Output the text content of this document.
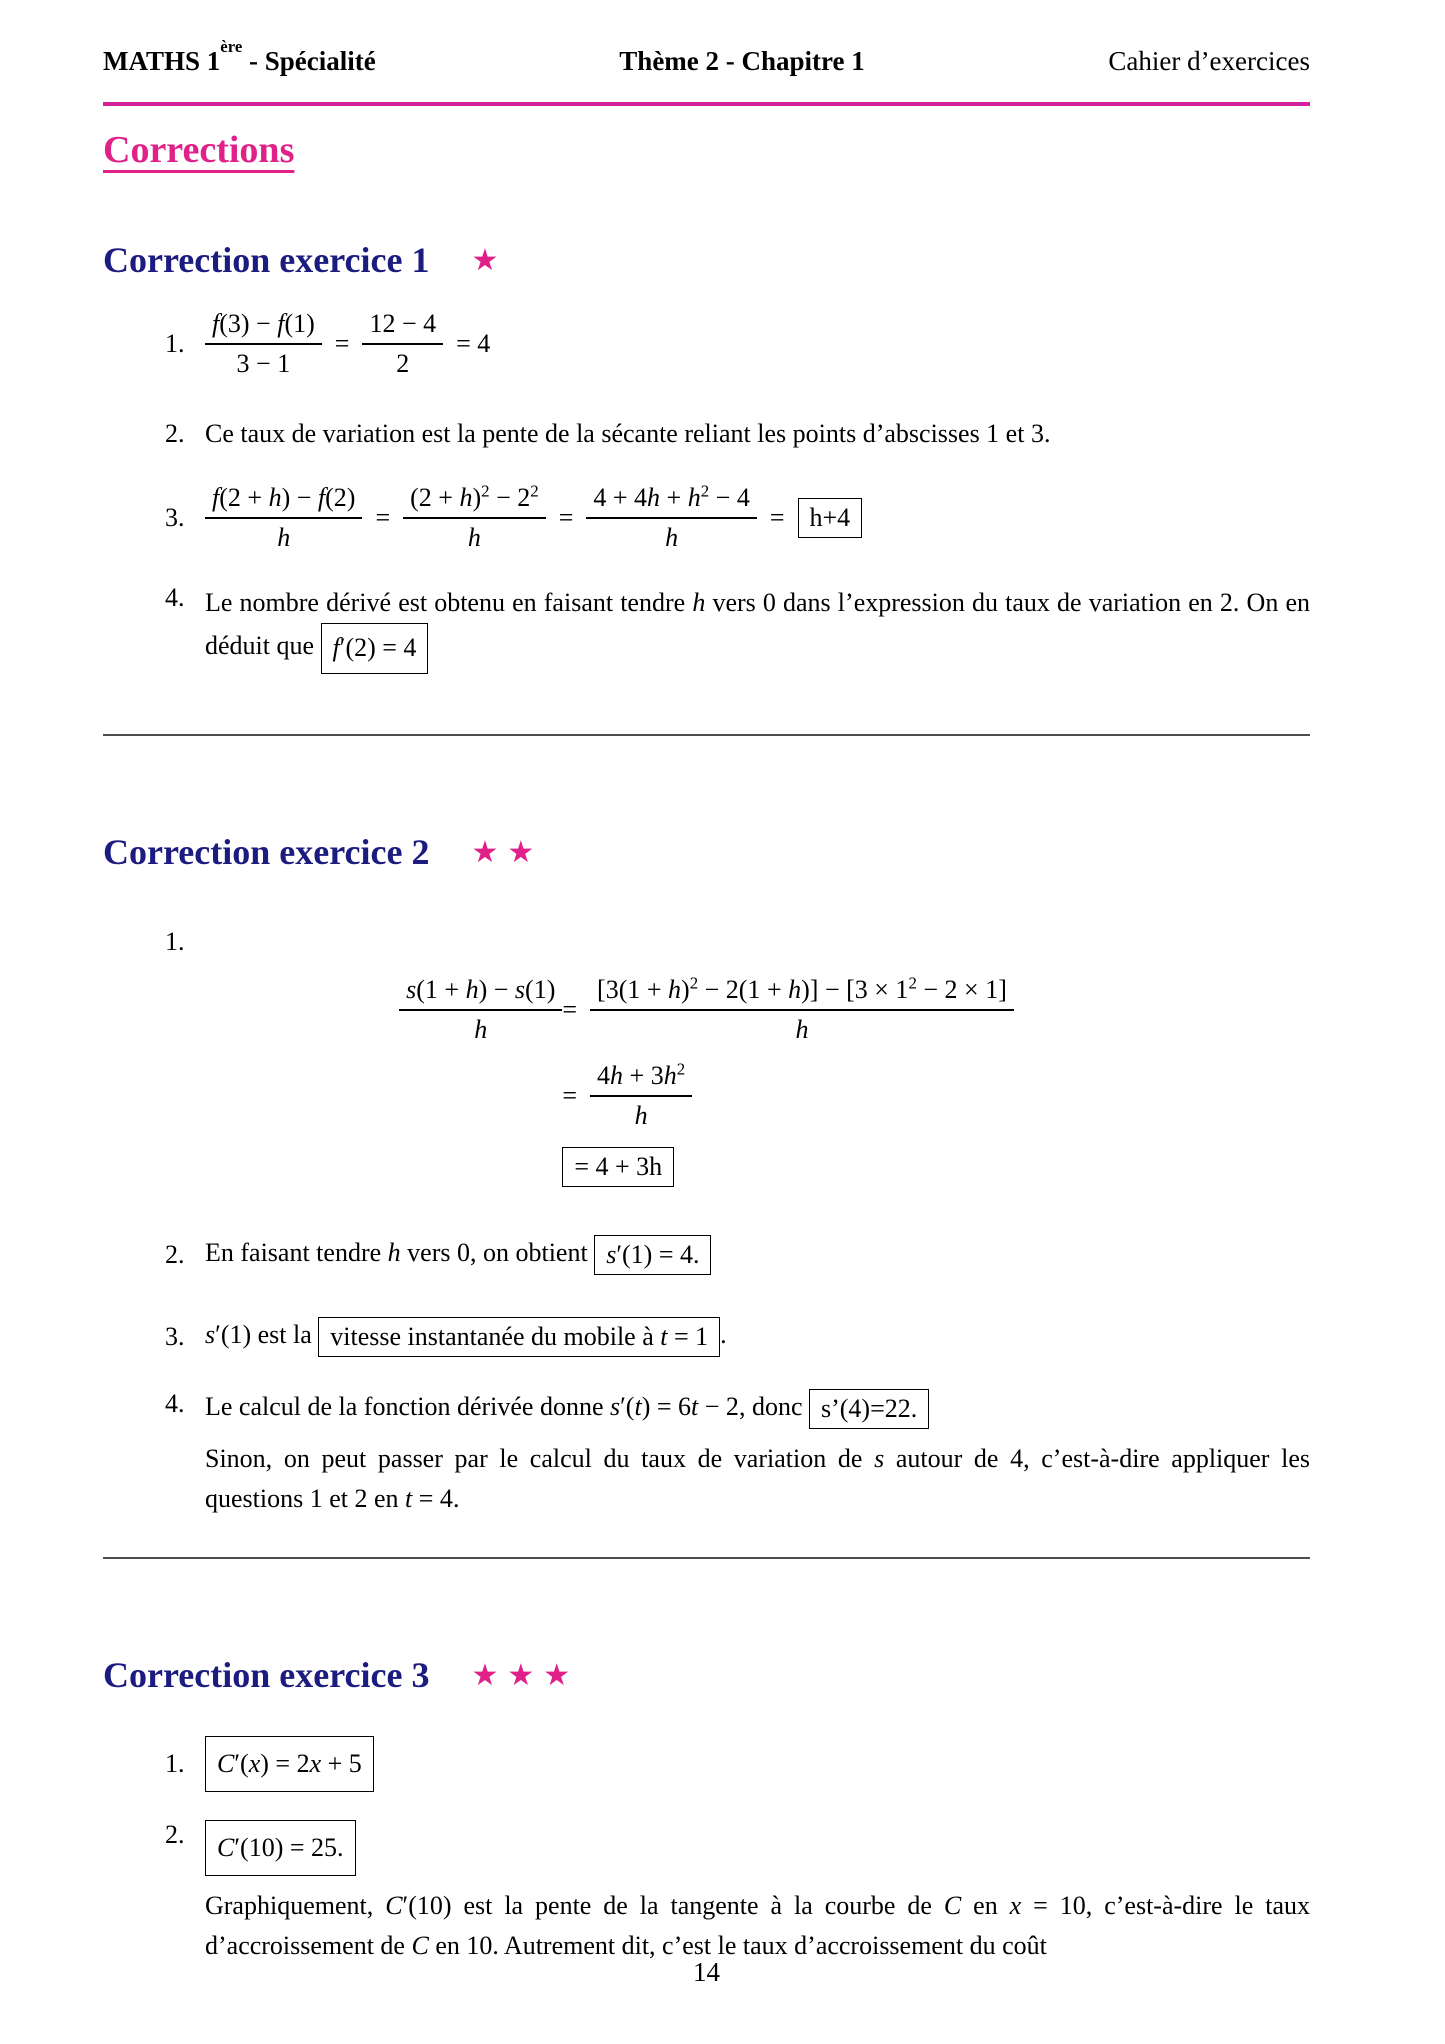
MATHS 1ère - Spécialité	Thème 2 - Chapitre 1	Cahier d’exercices
Corrections
Correction exercice 1 ★
1. $\frac{f(3) - f(1)}{3 - 1} = \frac{12 - 4}{2} = 4$
2. Ce taux de variation est la pente de la sécante reliant les points d’abscisses 1 et 3.
3. $\frac{f(2 + h) - f(2)}{h} = \frac{(2 + h)^2 - 2^2}{h} = \frac{4 + 4h + h^2 - 4}{h} = h+4$
4. Le nombre dérivé est obtenu en faisant tendre h vers 0 dans l’expression du taux de variation en 2. On en déduit que f′(2) = 4
Correction exercice 2 ★★
1.
$\frac{s(1 + h) - s(1)}{h} = \frac{[3(1 + h)^2 - 2(1 + h)] - [3 \times 1^2 - 2 \times 1]}{h}$
= $\frac{4h + 3h^2}{h}$
= 4 + 3h
2. En faisant tendre h vers 0, on obtient s′(1) = 4.
3. s′(1) est la vitesse instantanée du mobile à t = 1 .
4. Le calcul de la fonction dérivée donne s′(t) = 6t − 2, donc s’(4)=22.
Sinon, on peut passer par le calcul du taux de variation de s autour de 4, c’est-à-dire appliquer les questions 1 et 2 en t = 4.
Correction exercice 3 ★★★
1.	C′(x) = 2x + 5
2.	C′(10) = 25.
Graphiquement, C′(10) est la pente de la tangente à la courbe de C en x = 10, c’est-à-dire le taux d’accroissement de C en 10. Autrement dit, c’est le taux d’accroissement du coût
14
